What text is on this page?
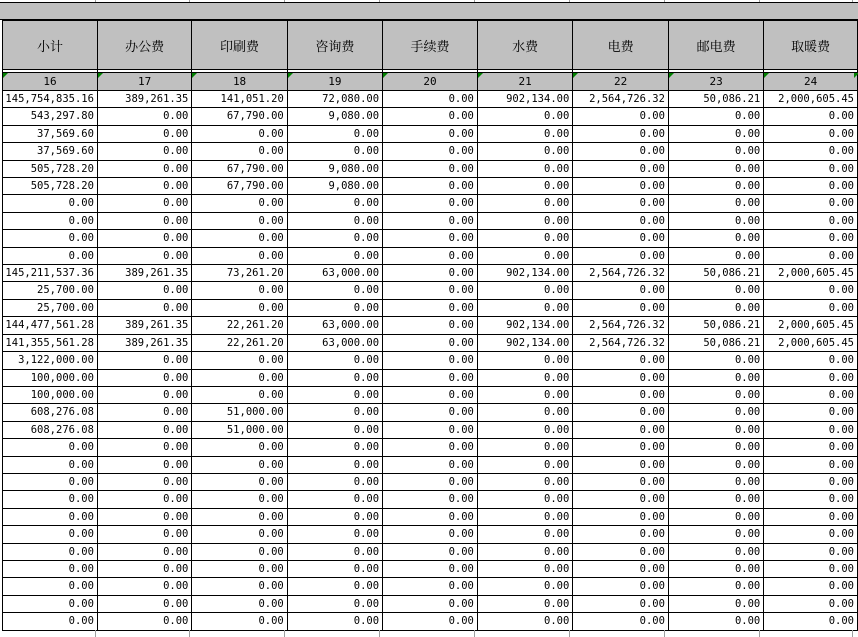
小计	办公费	印刷费	咨询费	手续费	水费	电费	邮电费	取暖费

16	17	18	19	20	21	22	23	24
145,754,835.16	389,261.35	141,051.20	72,080.00	0.00	902,134.00	2,564,726.32	50,086.21	2,000,605.45
543,297.80	0.00	67,790.00	9,080.00	0.00	0.00	0.00	0.00	0.00
37,569.60	0.00	0.00	0.00	0.00	0.00	0.00	0.00	0.00
37,569.60	0.00	0.00	0.00	0.00	0.00	0.00	0.00	0.00
505,728.20	0.00	67,790.00	9,080.00	0.00	0.00	0.00	0.00	0.00
505,728.20	0.00	67,790.00	9,080.00	0.00	0.00	0.00	0.00	0.00
0.00	0.00	0.00	0.00	0.00	0.00	0.00	0.00	0.00
0.00	0.00	0.00	0.00	0.00	0.00	0.00	0.00	0.00
0.00	0.00	0.00	0.00	0.00	0.00	0.00	0.00	0.00
0.00	0.00	0.00	0.00	0.00	0.00	0.00	0.00	0.00
145,211,537.36	389,261.35	73,261.20	63,000.00	0.00	902,134.00	2,564,726.32	50,086.21	2,000,605.45
25,700.00	0.00	0.00	0.00	0.00	0.00	0.00	0.00	0.00
25,700.00	0.00	0.00	0.00	0.00	0.00	0.00	0.00	0.00
144,477,561.28	389,261.35	22,261.20	63,000.00	0.00	902,134.00	2,564,726.32	50,086.21	2,000,605.45
141,355,561.28	389,261.35	22,261.20	63,000.00	0.00	902,134.00	2,564,726.32	50,086.21	2,000,605.45
3,122,000.00	0.00	0.00	0.00	0.00	0.00	0.00	0.00	0.00
100,000.00	0.00	0.00	0.00	0.00	0.00	0.00	0.00	0.00
100,000.00	0.00	0.00	0.00	0.00	0.00	0.00	0.00	0.00
608,276.08	0.00	51,000.00	0.00	0.00	0.00	0.00	0.00	0.00
608,276.08	0.00	51,000.00	0.00	0.00	0.00	0.00	0.00	0.00
0.00	0.00	0.00	0.00	0.00	0.00	0.00	0.00	0.00
0.00	0.00	0.00	0.00	0.00	0.00	0.00	0.00	0.00
0.00	0.00	0.00	0.00	0.00	0.00	0.00	0.00	0.00
0.00	0.00	0.00	0.00	0.00	0.00	0.00	0.00	0.00
0.00	0.00	0.00	0.00	0.00	0.00	0.00	0.00	0.00
0.00	0.00	0.00	0.00	0.00	0.00	0.00	0.00	0.00
0.00	0.00	0.00	0.00	0.00	0.00	0.00	0.00	0.00
0.00	0.00	0.00	0.00	0.00	0.00	0.00	0.00	0.00
0.00	0.00	0.00	0.00	0.00	0.00	0.00	0.00	0.00
0.00	0.00	0.00	0.00	0.00	0.00	0.00	0.00	0.00
0.00	0.00	0.00	0.00	0.00	0.00	0.00	0.00	0.00
